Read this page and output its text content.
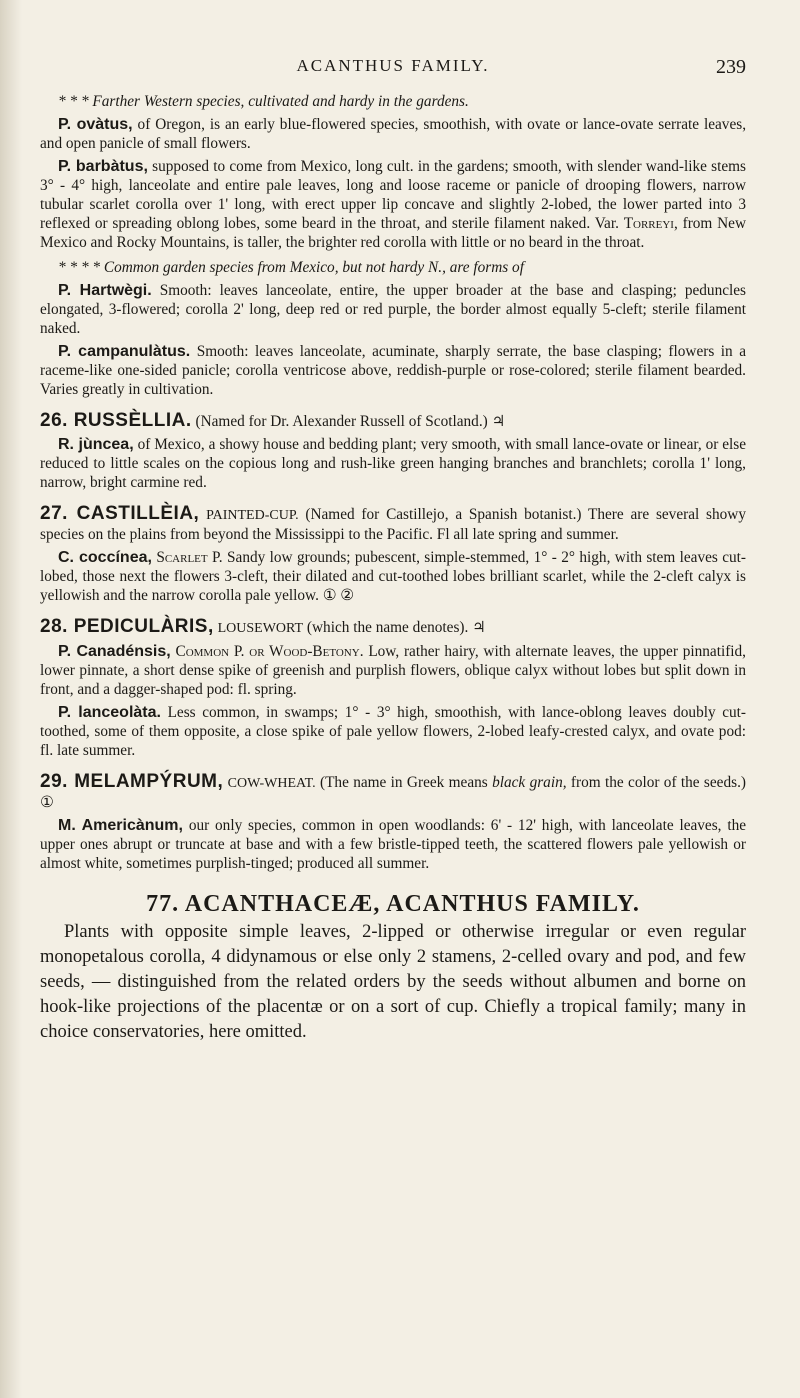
ACANTHUS FAMILY.	239

* * * Farther Western species, cultivated and hardy in the gardens.

P. ovàtus, of Oregon, is an early blue-flowered species, smoothish, with ovate or lance-ovate serrate leaves, and open panicle of small flowers.

P. barbàtus, supposed to come from Mexico, long cult. in the gardens; smooth, with slender wand-like stems 3° - 4° high, lanceolate and entire pale leaves, long and loose raceme or panicle of drooping flowers, narrow tubular scarlet corolla over 1' long, with erect upper lip concave and slightly 2-lobed, the lower parted into 3 reflexed or spreading oblong lobes, some beard in the throat, and sterile filament naked. Var. Torreyi, from New Mexico and Rocky Mountains, is taller, the brighter red corolla with little or no beard in the throat.

* * * * Common garden species from Mexico, but not hardy N., are forms of

P. Hartwègi. Smooth: leaves lanceolate, entire, the upper broader at the base and clasping; peduncles elongated, 3-flowered; corolla 2' long, deep red or red purple, the border almost equally 5-cleft; sterile filament naked.

P. campanulàtus. Smooth: leaves lanceolate, acuminate, sharply serrate, the base clasping; flowers in a raceme-like one-sided panicle; corolla ventricose above, reddish-purple or rose-colored; sterile filament bearded. Varies greatly in cultivation.

26. RUSSÈLLIA. (Named for Dr. Alexander Russell of Scotland.) ♃

R. jùncea, of Mexico, a showy house and bedding plant; very smooth, with small lance-ovate or linear, or else reduced to little scales on the copious long and rush-like green hanging branches and branchlets; corolla 1' long, narrow, bright carmine red.

27. CASTILLÈIA, PAINTED-CUP. (Named for Castillejo, a Spanish botanist.) There are several showy species on the plains from beyond the Mississippi to the Pacific. Fl all late spring and summer.

C. coccínea, Scarlet P. Sandy low grounds; pubescent, simple-stemmed, 1° - 2° high, with stem leaves cut-lobed, those next the flowers 3-cleft, their dilated and cut-toothed lobes brilliant scarlet, while the 2-cleft calyx is yellowish and the narrow corolla pale yellow. ① ②

28. PEDICULÀRIS, LOUSEWORT (which the name denotes). ♃

P. Canadénsis, Common P. or Wood-Betony. Low, rather hairy, with alternate leaves, the upper pinnatifid, lower pinnate, a short dense spike of greenish and purplish flowers, oblique calyx without lobes but split down in front, and a dagger-shaped pod: fl. spring.

P. lanceolàta. Less common, in swamps; 1° - 3° high, smoothish, with lance-oblong leaves doubly cut-toothed, some of them opposite, a close spike of pale yellow flowers, 2-lobed leafy-crested calyx, and ovate pod: fl. late summer.

29. MELAMPÝRUM, COW-WHEAT. (The name in Greek means black grain, from the color of the seeds.) ①

M. Americànum, our only species, common in open woodlands: 6' - 12' high, with lanceolate leaves, the upper ones abrupt or truncate at base and with a few bristle-tipped teeth, the scattered flowers pale yellowish or almost white, sometimes purplish-tinged; produced all summer.

77. ACANTHACEÆ, ACANTHUS FAMILY.

Plants with opposite simple leaves, 2-lipped or otherwise irregular or even regular monopetalous corolla, 4 didynamous or else only 2 stamens, 2-celled ovary and pod, and few seeds, — distinguished from the related orders by the seeds without albumen and borne on hook-like projections of the placentæ or on a sort of cup. Chiefly a tropical family; many in choice conservatories, here omitted.
